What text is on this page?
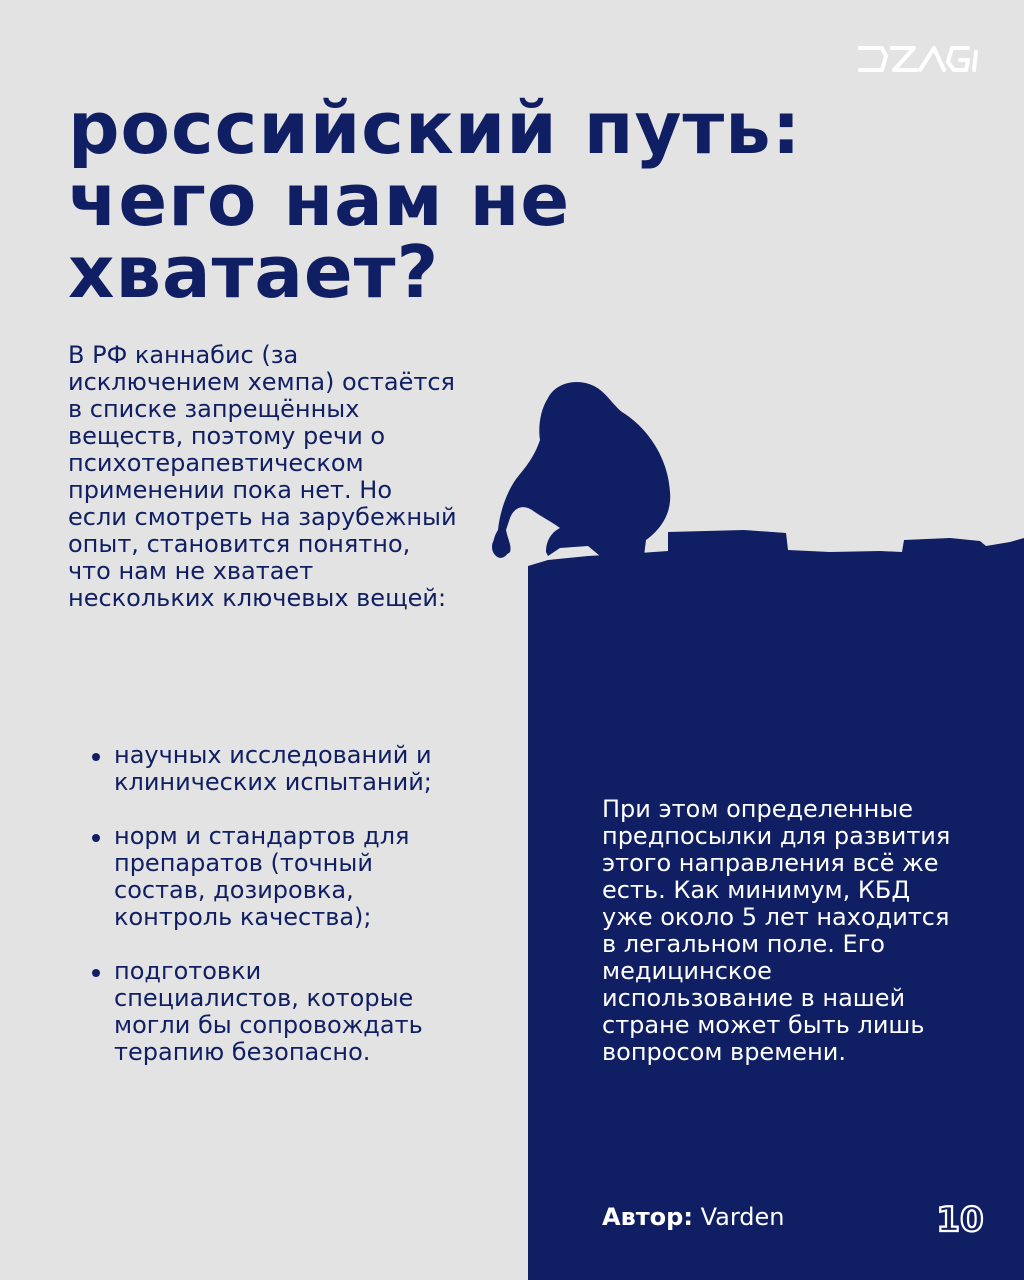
российский путь:
чего нам не
хватает?

В РФ каннабис (за исключением хемпа) остаётся в списке запрещённых веществ, поэтому речи о психотерапевтическом применении пока нет. Но если смотреть на зарубежный опыт, становится понятно, что нам не хватает нескольких ключевых вещей:

научных исследований и клинических испытаний;
норм и стандартов для препаратов (точный состав, дозировка, контроль качества);
подготовки специалистов, которые могли бы сопровождать терапию безопасно.

При этом определенные предпосылки для развития этого направления всё же есть. Как минимум, КБД уже около 5 лет находится в легальном поле. Его медицинское использование в нашей стране может быть лишь вопросом времени.

Автор: Varden	10
